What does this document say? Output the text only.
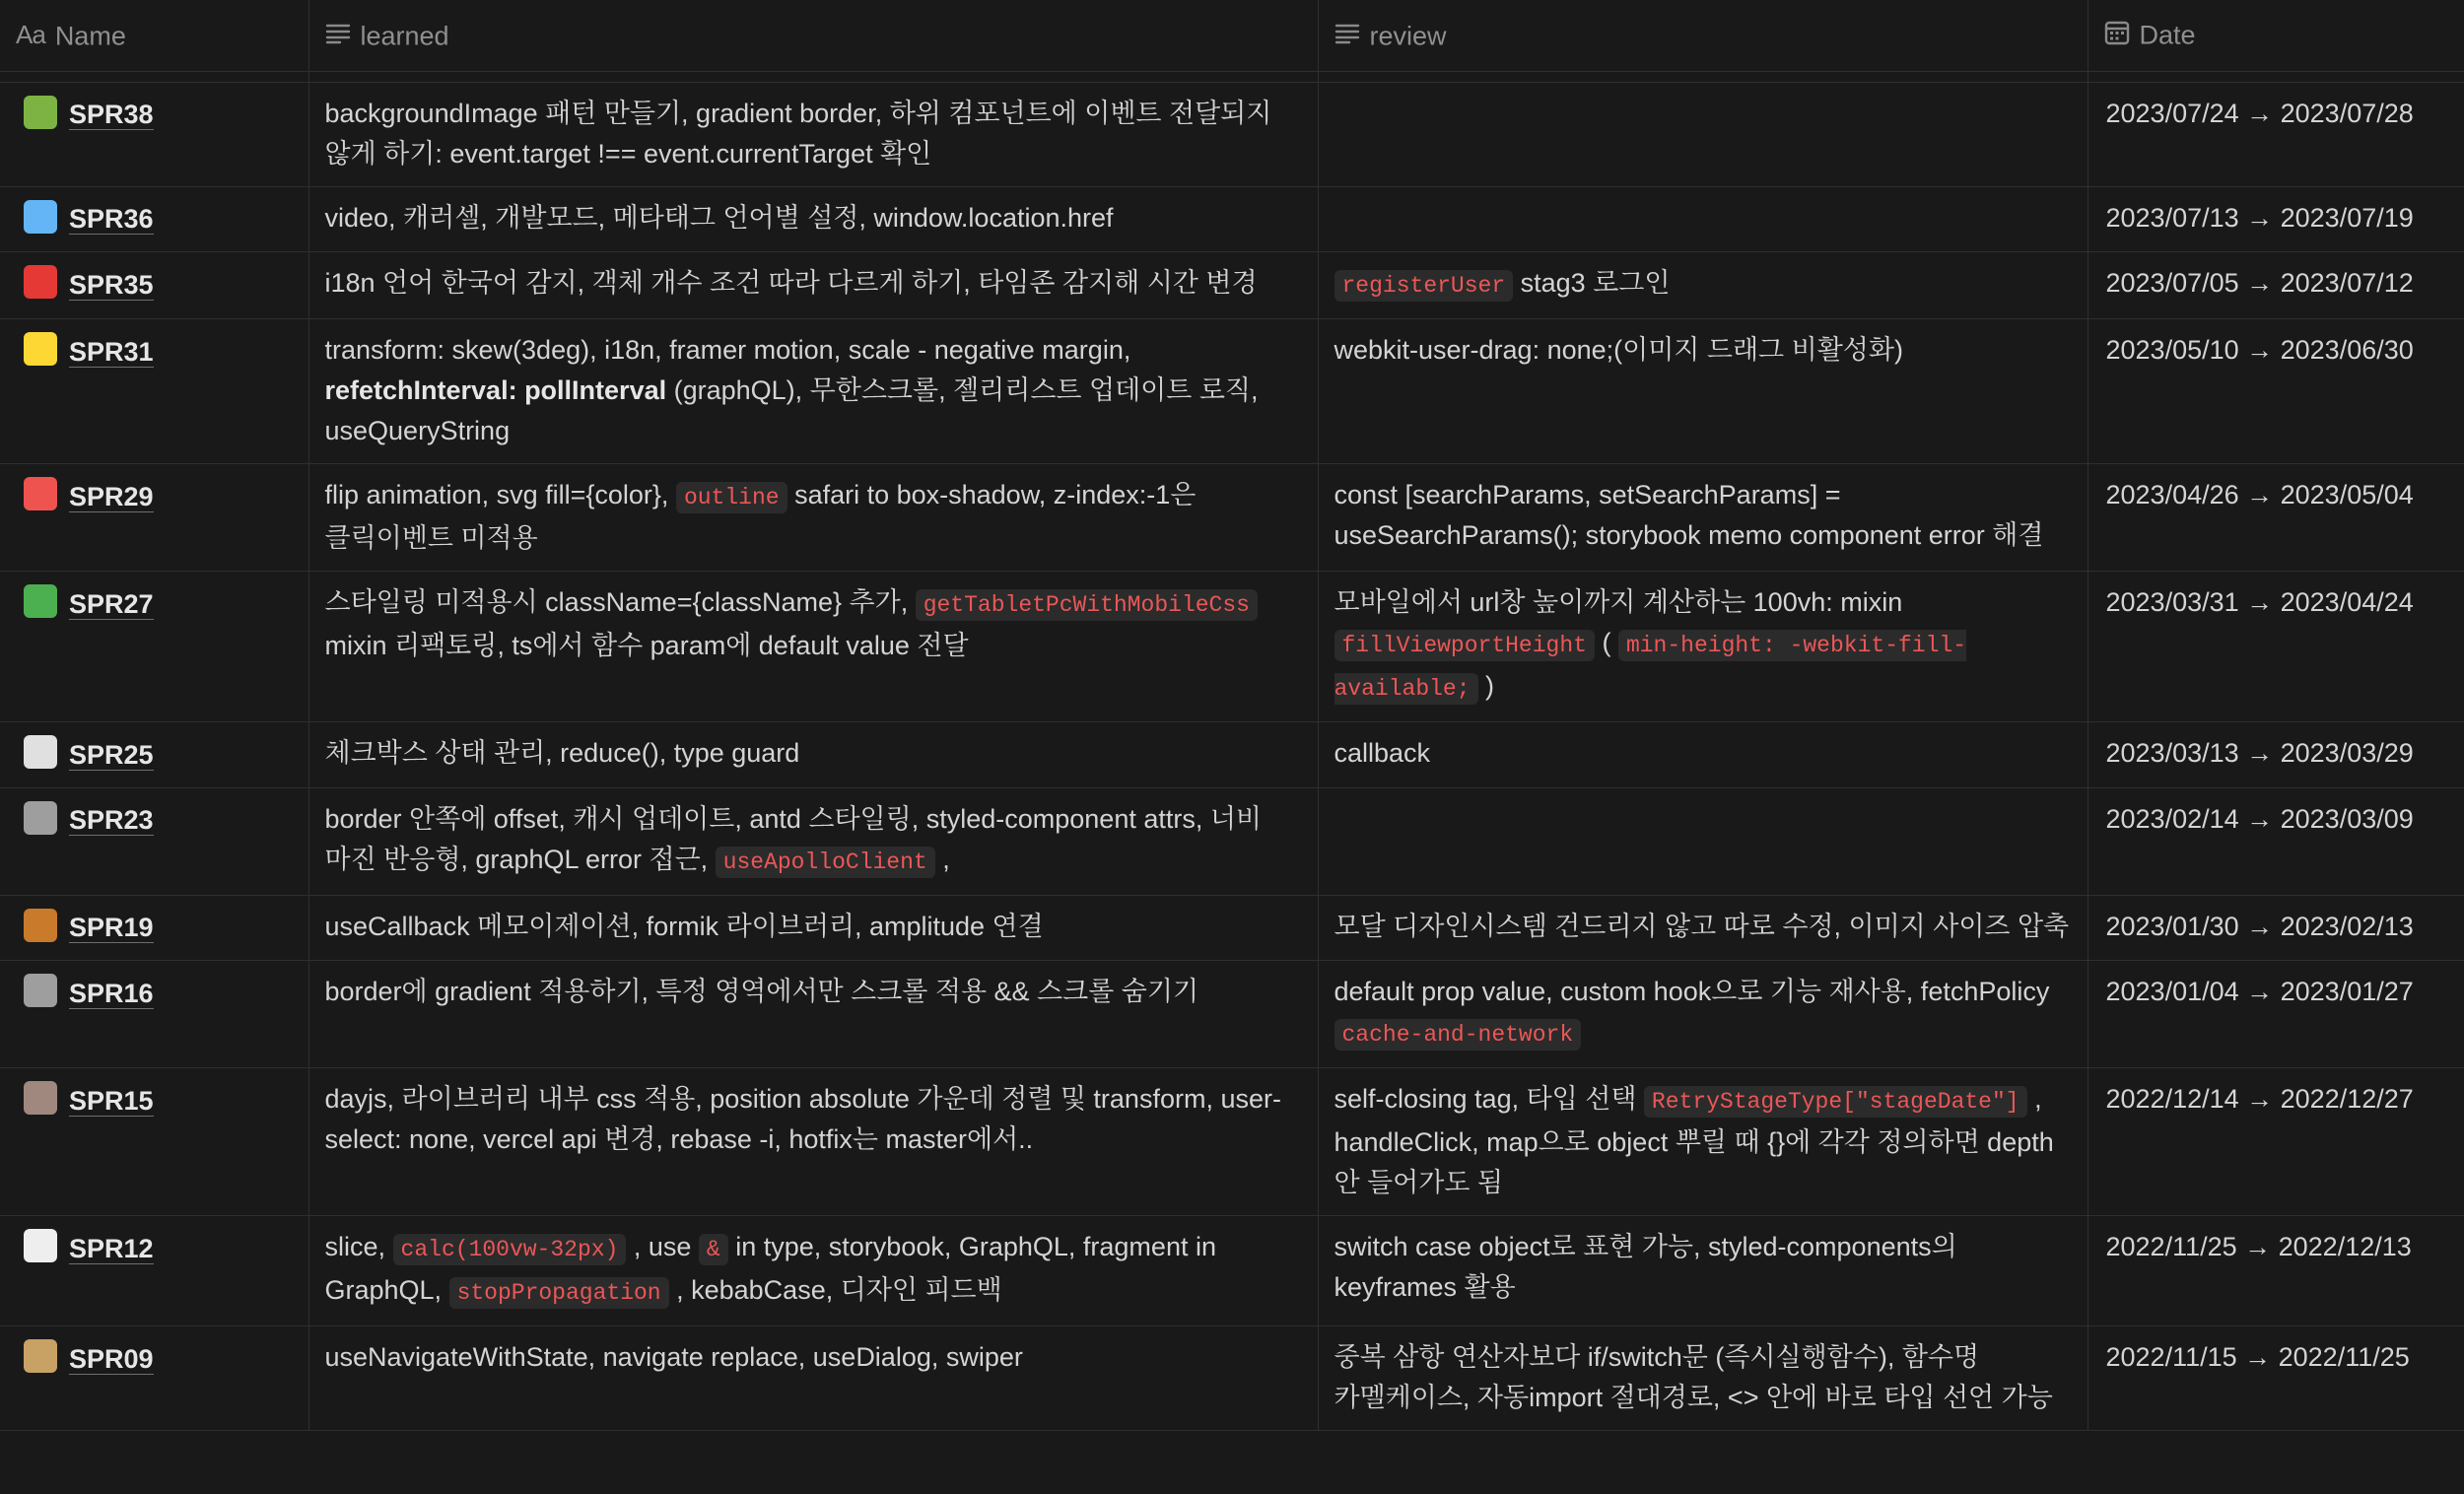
Aa Name	learned	review	Date

SPR38	backgroundImage 패턴 만들기, gradient border, 하위 컴포넌트에 이벤트 전달되지 않게 하기: event.target !== event.currentTarget 확인		2023/07/24 → 2023/07/28
SPR36	video, 캐러셀, 개발모드, 메타태그 언어별 설정, window.location.href		2023/07/13 → 2023/07/19
SPR35	i18n 언어 한국어 감지, 객체 개수 조건 따라 다르게 하기, 타임존 감지해 시간 변경	registerUser stag3 로그인	2023/07/05 → 2023/07/12
SPR31	transform: skew(3deg), i18n, framer motion, scale - negative margin, refetchInterval: pollInterval (graphQL), 무한스크롤, 젤리리스트 업데이트 로직, useQueryString	webkit-user-drag: none;(이미지 드래그 비활성화)	2023/05/10 → 2023/06/30
SPR29	flip animation, svg fill={color}, outline safari to box-shadow, z-index:-1은 클릭이벤트 미적용	const [searchParams, setSearchParams] = useSearchParams(); storybook memo component error 해결	2023/04/26 → 2023/05/04
SPR27	스타일링 미적용시 className={className} 추가, getTabletPcWithMobileCss mixin 리팩토링, ts에서 함수 param에 default value 전달	모바일에서 url창 높이까지 계산하는 100vh: mixin fillViewportHeight ( min-height: -webkit-fill-available; )	2023/03/31 → 2023/04/24
SPR25	체크박스 상태 관리, reduce(), type guard	callback	2023/03/13 → 2023/03/29
SPR23	border 안쪽에 offset, 캐시 업데이트, antd 스타일링, styled-component attrs, 너비 마진 반응형, graphQL error 접근, useApolloClient ,		2023/02/14 → 2023/03/09
SPR19	useCallback 메모이제이션, formik 라이브러리, amplitude 연결	모달 디자인시스템 건드리지 않고 따로 수정, 이미지 사이즈 압축	2023/01/30 → 2023/02/13
SPR16	border에 gradient 적용하기, 특정 영역에서만 스크롤 적용 && 스크롤 숨기기	default prop value, custom hook으로 기능 재사용, fetchPolicy cache-and-network	2023/01/04 → 2023/01/27
SPR15	dayjs, 라이브러리 내부 css 적용, position absolute 가운데 정렬 및 transform, user-select: none, vercel api 변경, rebase -i, hotfix는 master에서..	self-closing tag, 타입 선택 RetryStageType["stageDate"] , handleClick, map으로 object 뿌릴 때 {}에 각각 정의하면 depth 안 들어가도 됨	2022/12/14 → 2022/12/27
SPR12	slice, calc(100vw-32px) , use & in type, storybook, GraphQL, fragment in GraphQL, stopPropagation , kebabCase, 디자인 피드백	switch case object로 표현 가능, styled-components의 keyframes 활용	2022/11/25 → 2022/12/13
SPR09	useNavigateWithState, navigate replace, useDialog, swiper	중복 삼항 연산자보다 if/switch문 (즉시실행함수), 함수명 카멜케이스, 자동import 절대경로, <> 안에 바로 타입 선언 가능	2022/11/15 → 2022/11/25
